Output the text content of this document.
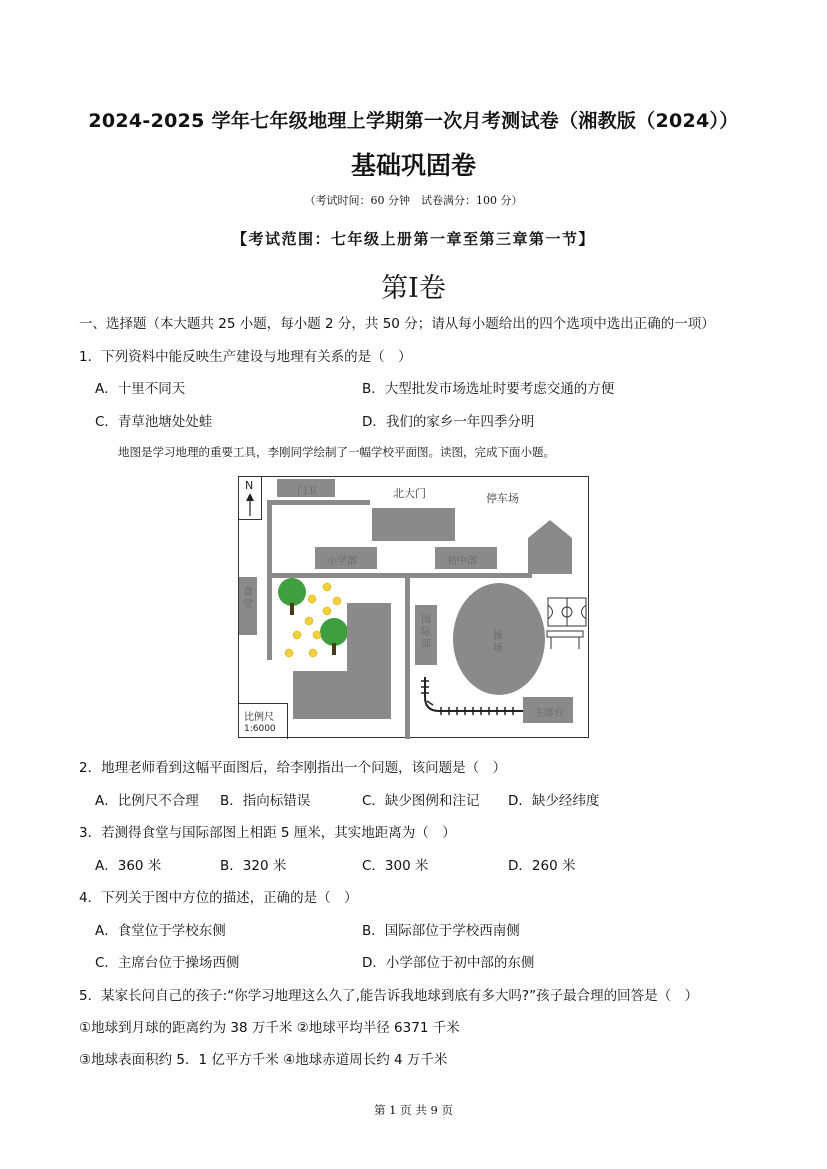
2024-2025 学年七年级地理上学期第一次月考测试卷（湘教版（2024））
基础巩固卷
（考试时间：60 分钟　试卷满分：100 分）
【考试范围：七年级上册第一章至第三章第一节】
第Ⅰ卷
一、选择题（本大题共 25 小题，每小题 2 分，共 50 分；请从每小题给出的四个选项中选出正确的一项）
1．下列资料中能反映生产建设与地理有关系的是（　）
A．十里不同天	B．大型批发市场选址时要考虑交通的方便
C．青草池塘处处蛙	D．我们的家乡一年四季分明
地图是学习地理的重要工具，李刚同学绘制了一幅学校平面图。读图，完成下面小题。
N	门卫	北大门	停车场
小学部	初中部
食堂
国际部
操场
主席台
比例尺
1:6000
2．地理老师看到这幅平面图后，给李刚指出一个问题，该问题是（　）
A．比例尺不合理 B．指向标错误	C．缺少图例和注记 D．缺少经纬度
3．若测得食堂与国际部图上相距 5 厘米，其实地距离为（　）
A．360 米	B．320 米	C．300 米	D．260 米
4．下列关于图中方位的描述，正确的是（　）
A．食堂位于学校东侧	B．国际部位于学校西南侧
C．主席台位于操场西侧	D．小学部位于初中部的东侧
5．某家长问自己的孩子:“你学习地理这么久了,能告诉我地球到底有多大吗?”孩子最合理的回答是（　）
①地球到月球的距离约为 38 万千米 ②地球平均半径 6371 千米
③地球表面积约 5．1 亿平方千米 ④地球赤道周长约 4 万千米
第 1 页 共 9 页
